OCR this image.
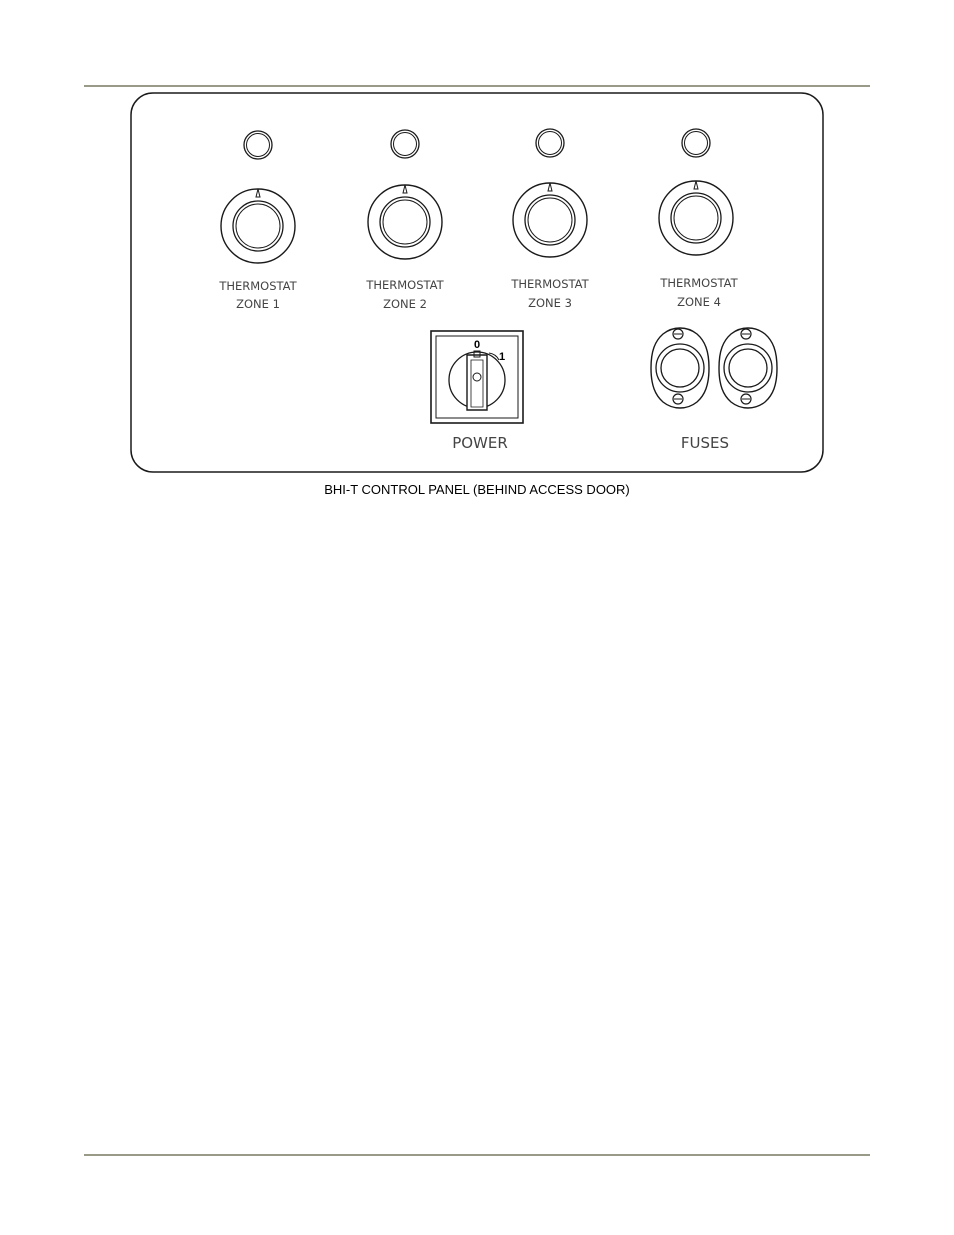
THERMOSTAT
ZONE 1
THERMOSTAT
ZONE 2
THERMOSTAT
ZONE 3
THERMOSTAT
ZONE 4
0
1
POWER	FUSES

BHI-T CONTROL PANEL (BEHIND ACCESS DOOR)
